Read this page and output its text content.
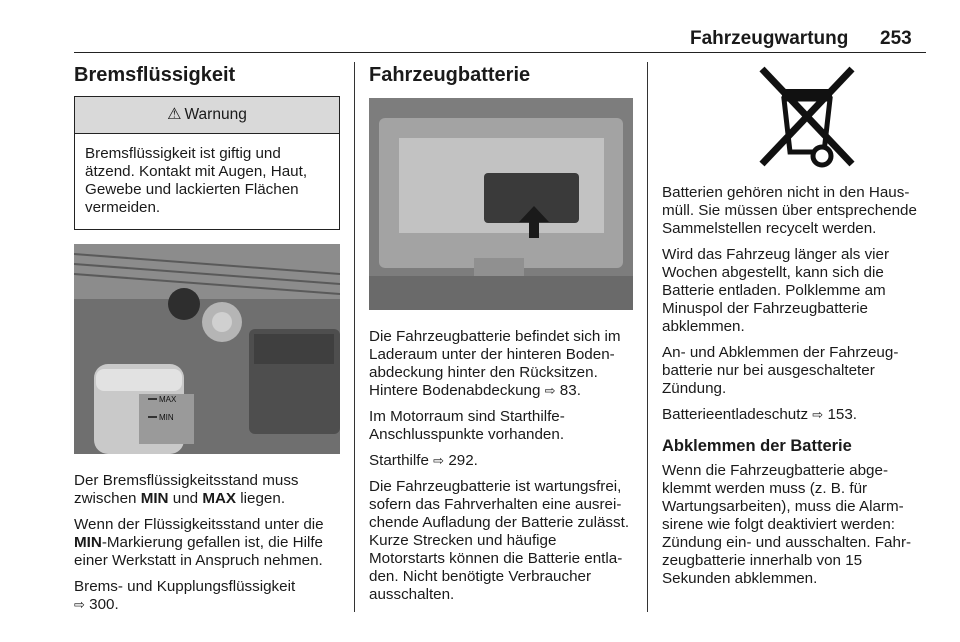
Fahrzeugwartung 253
Bremsflüssigkeit
⚠ Warnung
Bremsflüssigkeit ist giftig und ätzend. Kontakt mit Augen, Haut, Gewebe und lackierten Flächen vermeiden.
MAX
MIN

Der Bremsflüssigkeitsstand muss zwischen MIN und MAX liegen.

Wenn der Flüssigkeitsstand unter die MIN-Markierung gefallen ist, die Hilfe einer Werkstatt in Anspruch nehmen.

Brems- und Kupplungsflüssigkeit
⇨ 300.

Fahrzeugbatterie

Die Fahrzeugbatterie befindet sich im Laderaum unter der hinteren Bodenabdeckung hinter den Rücksitzen. Hintere Bodenabdeckung ⇨ 83.

Im Motorraum sind StarthilfeAnschlusspunkte vorhanden.

Starthilfe ⇨ 292.

Die Fahrzeugbatterie ist wartungsfrei, sofern das Fahrverhalten eine ausreichende Aufladung der Batterie zulässt. Kurze Strecken und häufige Motorstarts können die Batterie entladen. Nicht benötigte Verbraucher ausschalten.

Batterien gehören nicht in den Hausmüll. Sie müssen über entsprechende Sammelstellen recycelt werden.

Wird das Fahrzeug länger als vier Wochen abgestellt, kann sich die Batterie entladen. Polklemme am Minuspol der Fahrzeugbatterie abklemmen.

An- und Abklemmen der Fahrzeugbatterie nur bei ausgeschalteter Zündung.

Batterieentladeschutz ⇨ 153.

Abklemmen der Batterie

Wenn die Fahrzeugbatterie abgeklemmt werden muss (z. B. für Wartungsarbeiten), muss die Alarmsirene wie folgt deaktiviert werden: Zündung ein- und ausschalten. Fahrzeugbatterie innerhalb von 15 Sekunden abklemmen.
